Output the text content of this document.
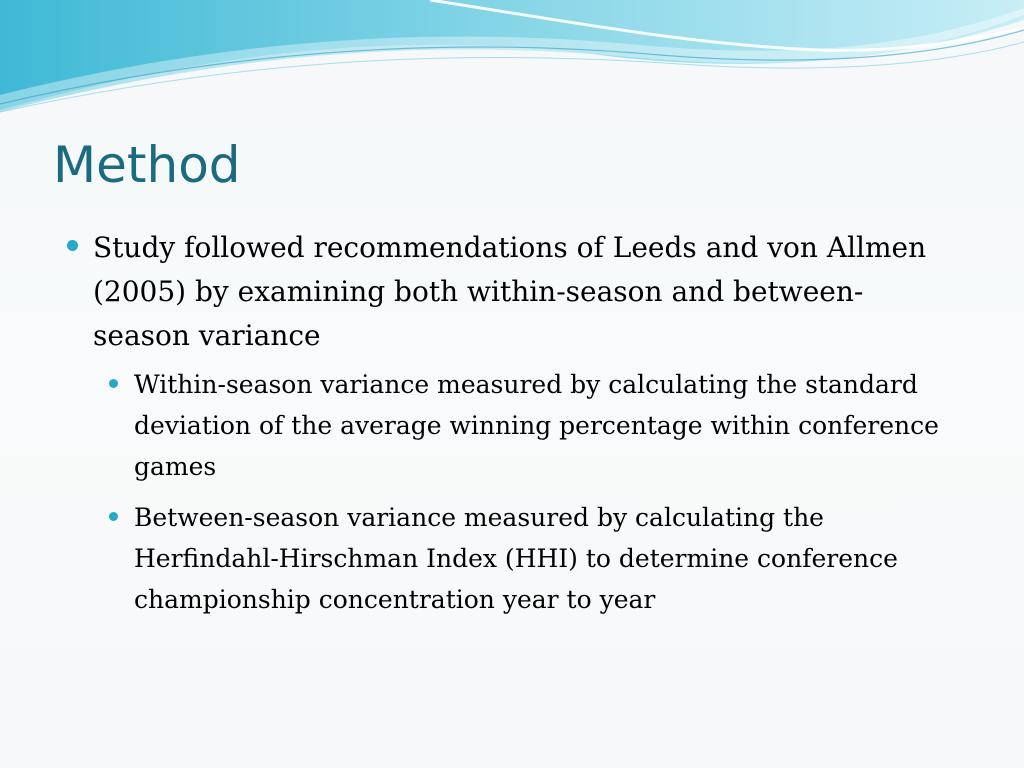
Method
Study followed recommendations of Leeds and von Allmen (2005) by examining both within-season and between-season variance
Within-season variance measured by calculating the standard deviation of the average winning percentage within conference games
Between-season variance measured by calculating the Herfindahl-Hirschman Index (HHI) to determine conference championship concentration year to year
